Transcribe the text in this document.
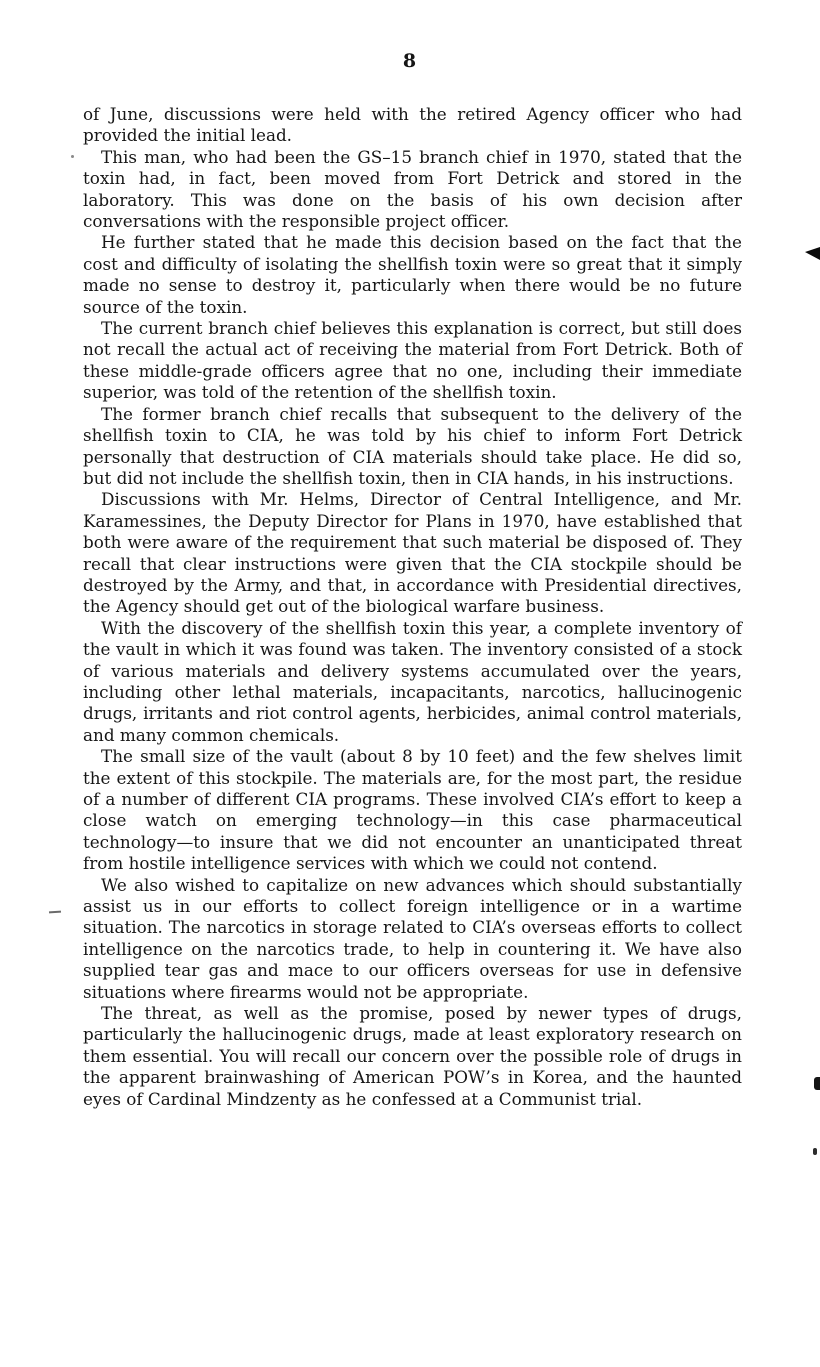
8

of June, discussions were held with the retired Agency officer who had provided the initial lead.

This man, who had been the GS–15 branch chief in 1970, stated that the toxin had, in fact, been moved from Fort Detrick and stored in the laboratory. This was done on the basis of his own decision after conversations with the responsible project officer.

He further stated that he made this decision based on the fact that the cost and difficulty of isolating the shellfish toxin were so great that it simply made no sense to destroy it, particularly when there would be no future source of the toxin.

The current branch chief believes this explanation is correct, but still does not recall the actual act of receiving the material from Fort Detrick. Both of these middle-grade officers agree that no one, including their immediate superior, was told of the retention of the shellfish toxin.

The former branch chief recalls that subsequent to the delivery of the shellfish toxin to CIA, he was told by his chief to inform Fort Detrick personally that destruction of CIA materials should take place. He did so, but did not include the shellfish toxin, then in CIA hands, in his instructions.

Discussions with Mr. Helms, Director of Central Intelligence, and Mr. Karamessines, the Deputy Director for Plans in 1970, have established that both were aware of the requirement that such material be disposed of. They recall that clear instructions were given that the CIA stockpile should be destroyed by the Army, and that, in accordance with Presidential directives, the Agency should get out of the biological warfare business.

With the discovery of the shellfish toxin this year, a complete inventory of the vault in which it was found was taken. The inventory consisted of a stock of various materials and delivery systems accumulated over the years, including other lethal materials, incapacitants, narcotics, hallucinogenic drugs, irritants and riot control agents, herbicides, animal control materials, and many common chemicals.

The small size of the vault (about 8 by 10 feet) and the few shelves limit the extent of this stockpile. The materials are, for the most part, the residue of a number of different CIA programs. These involved CIA’s effort to keep a close watch on emerging technology—in this case pharmaceutical technology—to insure that we did not encounter an unanticipated threat from hostile intelligence services with which we could not contend.

We also wished to capitalize on new advances which should substantially assist us in our efforts to collect foreign intelligence or in a wartime situation. The narcotics in storage related to CIA’s overseas efforts to collect intelligence on the narcotics trade, to help in countering it. We have also supplied tear gas and mace to our officers overseas for use in defensive situations where firearms would not be appropriate.

The threat, as well as the promise, posed by newer types of drugs, particularly the hallucinogenic drugs, made at least exploratory research on them essential. You will recall our concern over the possible role of drugs in the apparent brainwashing of American POW’s in Korea, and the haunted eyes of Cardinal Mindzenty as he confessed at a Communist trial.
